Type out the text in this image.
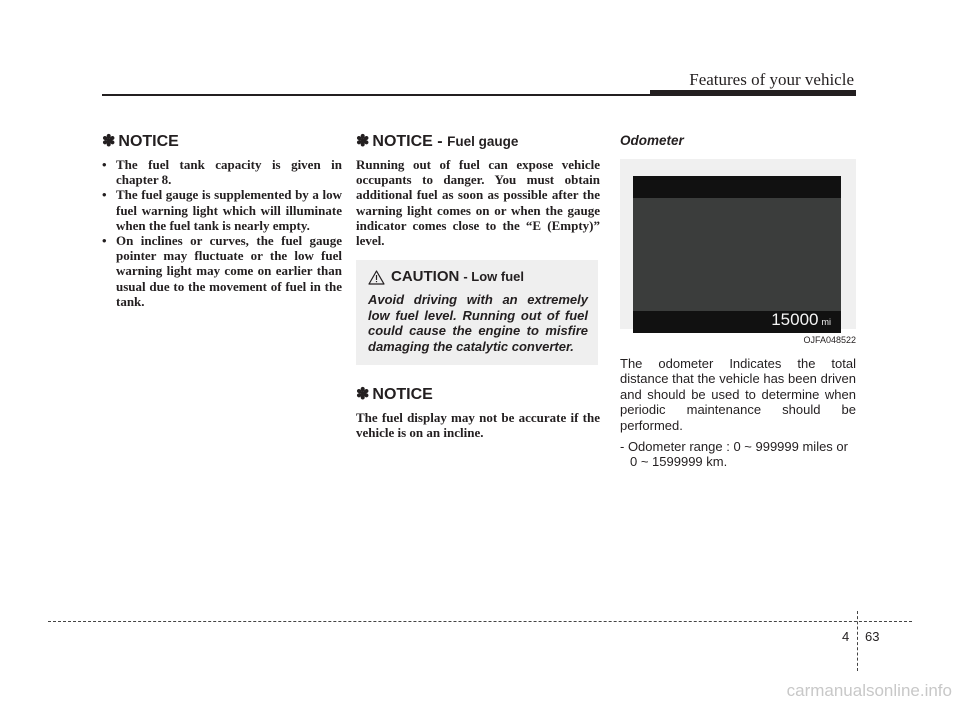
Features of your vehicle
✽ NOTICE
• The fuel tank capacity is given in chapter 8.
• The fuel gauge is supplemented by a low fuel warning light which will illuminate when the fuel tank is nearly empty.
• On inclines or curves, the fuel gauge pointer may fluctuate or the low fuel warning light may come on earlier than usual due to the movement of fuel in the tank.
✽ NOTICE - Fuel gauge

Running out of fuel can expose vehicle occupants to danger. You must obtain additional fuel as soon as possible after the warning light comes on or when the gauge indicator comes close to the “E (Empty)” level.

CAUTION - Low fuel
Avoid driving with an extremely low fuel level. Running out of fuel could cause the engine to misfire damaging the catalytic converter.
✽ NOTICE

The fuel display may not be accurate if the vehicle is on an incline.

Odometer
15000 mi
OJFA048522

The odometer Indicates the total distance that the vehicle has been driven and should be used to determine when periodic maintenance should be performed.

- Odometer range : 0 ~ 999999 miles or 0 ~ 1599999 km.
4 63
carmanualsonline.info
